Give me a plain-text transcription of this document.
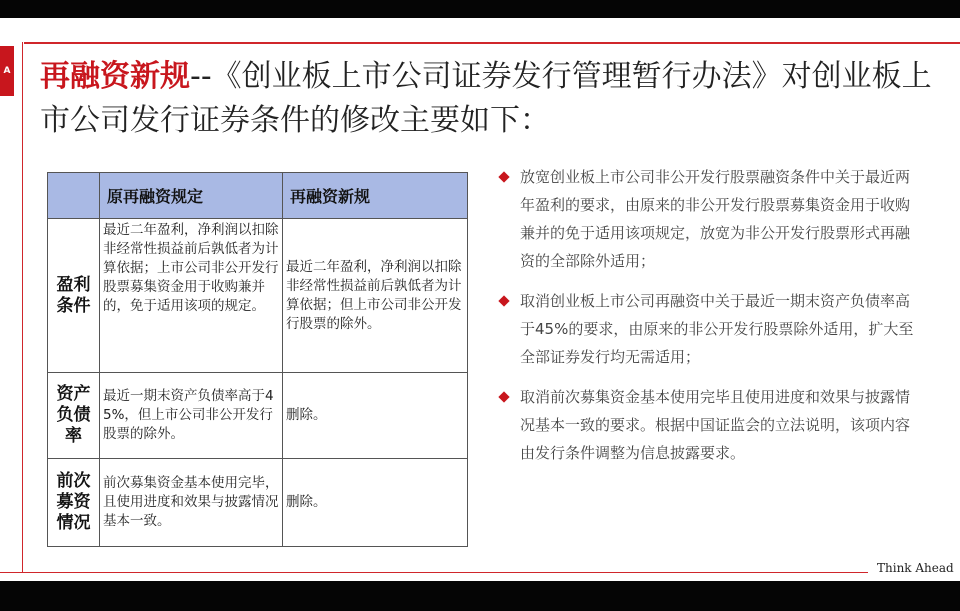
A 再融资新规--《创业板上市公司证券发行管理暂行办法》对创业板上市公司发行证券条件的修改主要如下：
	原再融资规定	再融资新规

盈利
条件	最近二年盈利，净利润以扣除非经常性损益前后孰低者为计算依据；上市公司非公开发行股票募集资金用于收购兼并的，免于适用该项的规定。	最近二年盈利，净利润以扣除非经常性损益前后孰低者为计算依据；但上市公司非公开发行股票的除外。

资产
负债
率	最近一期末资产负债率高于45%，但上市公司非公开发行股票的除外。	删除。

前次
募资
情况	前次募集资金基本使用完毕，且使用进度和效果与披露情况基本一致。	删除。
放宽创业板上市公司非公开发行股票融资条件中关于最近两年盈利的要求，由原来的非公开发行股票募集资金用于收购兼并的免于适用该项规定，放宽为非公开发行股票形式再融资的全部除外适用；
取消创业板上市公司再融资中关于最近一期末资产负债率高于45%的要求，由原来的非公开发行股票除外适用，扩大至全部证券发行均无需适用；
取消前次募集资金基本使用完毕且使用进度和效果与披露情况基本一致的要求。根据中国证监会的立法说明，该项内容由发行条件调整为信息披露要求。
Think Ahead
